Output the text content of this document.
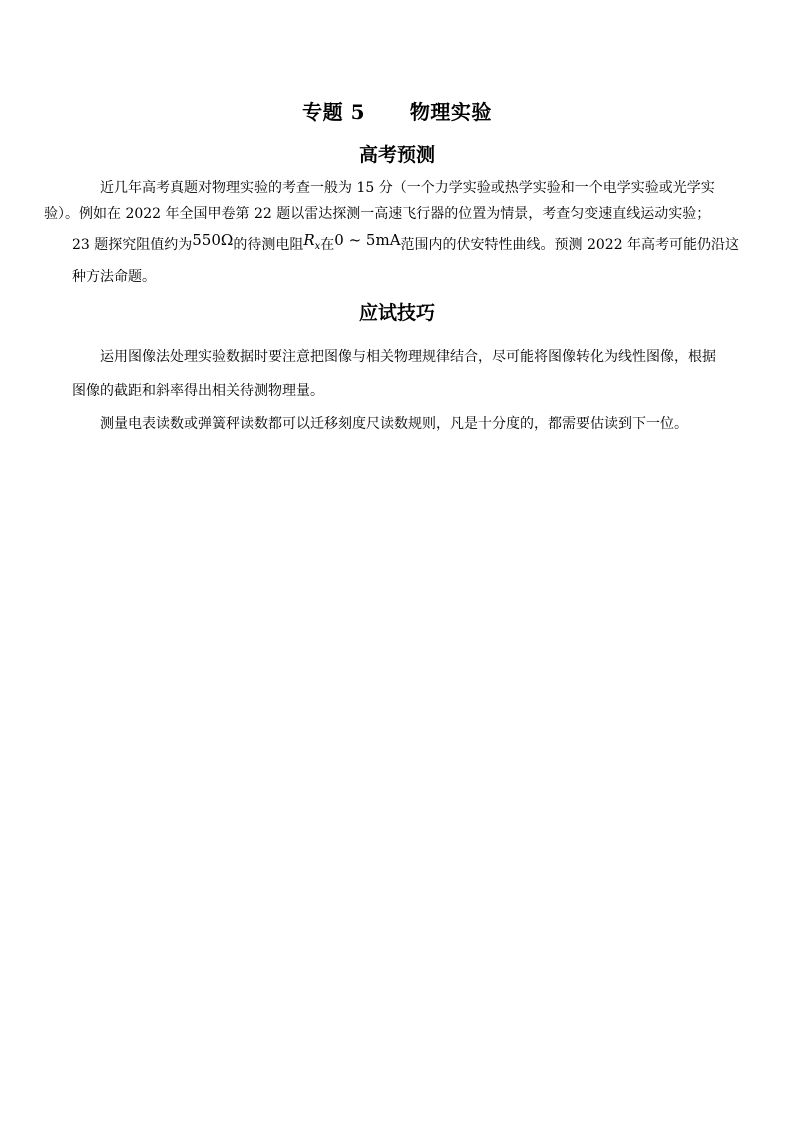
专题 5      物理实验
高考预测
近几年高考真题对物理实验的考查一般为 15 分（一个力学实验或热学实验和一个电学实验或光学实
验）。例如在 2022 年全国甲卷第 22 题以雷达探测一高速飞行器的位置为情景，考查匀变速直线运动实验；
23 题探究阻值约为550Ω的待测电阻$R_x$在0 ~ 5mA范围内的伏安特性曲线。预测 2022 年高考可能仍沿这
种方法命题。
应试技巧
运用图像法处理实验数据时要注意把图像与相关物理规律结合，尽可能将图像转化为线性图像，根据图像的截距和斜率得出相关待测物理量。
测量电表读数或弹簧秤读数都可以迁移刻度尺读数规则，凡是十分度的，都需要估读到下一位。
